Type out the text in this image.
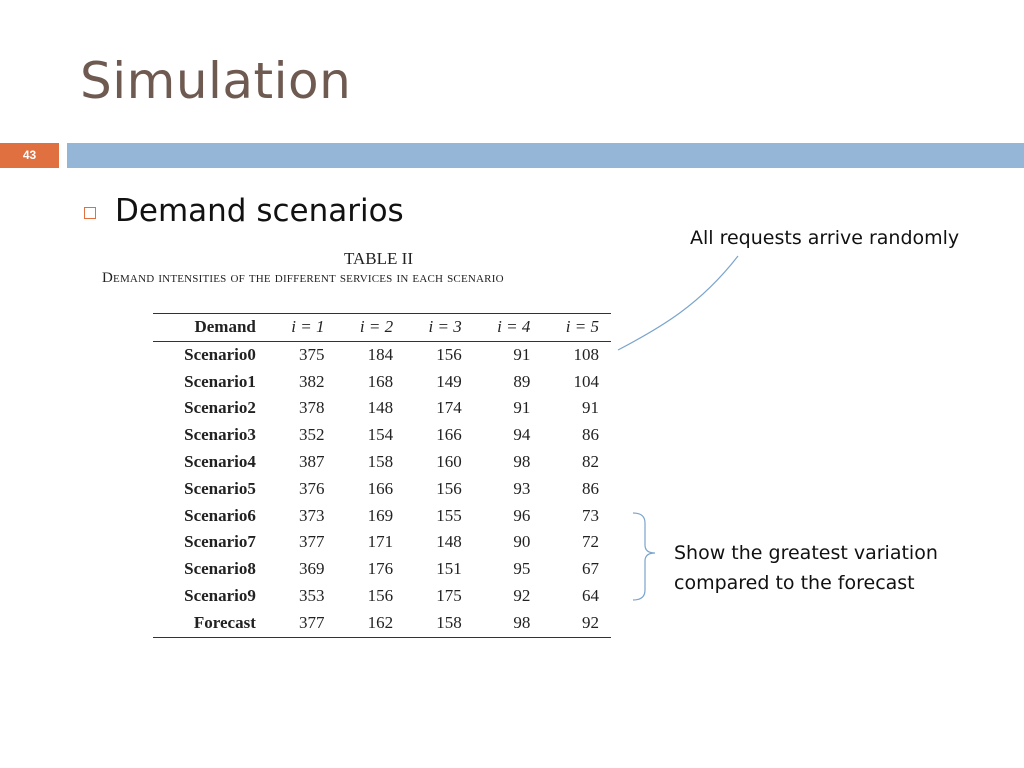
Simulation
43
Demand scenarios
TABLE II
Demand intensities of the different services in each scenario
Demand	i = 1	i = 2	i = 3	i = 4	i = 5
Scenario0	375	184	156	91	108
Scenario1	382	168	149	89	104
Scenario2	378	148	174	91	91
Scenario3	352	154	166	94	86
Scenario4	387	158	160	98	82
Scenario5	376	166	156	93	86
Scenario6	373	169	155	96	73
Scenario7	377	171	148	90	72
Scenario8	369	176	151	95	67
Scenario9	353	156	175	92	64
Forecast	377	162	158	98	92
All requests arrive randomly
Show the greatest variation
compared to the forecast
